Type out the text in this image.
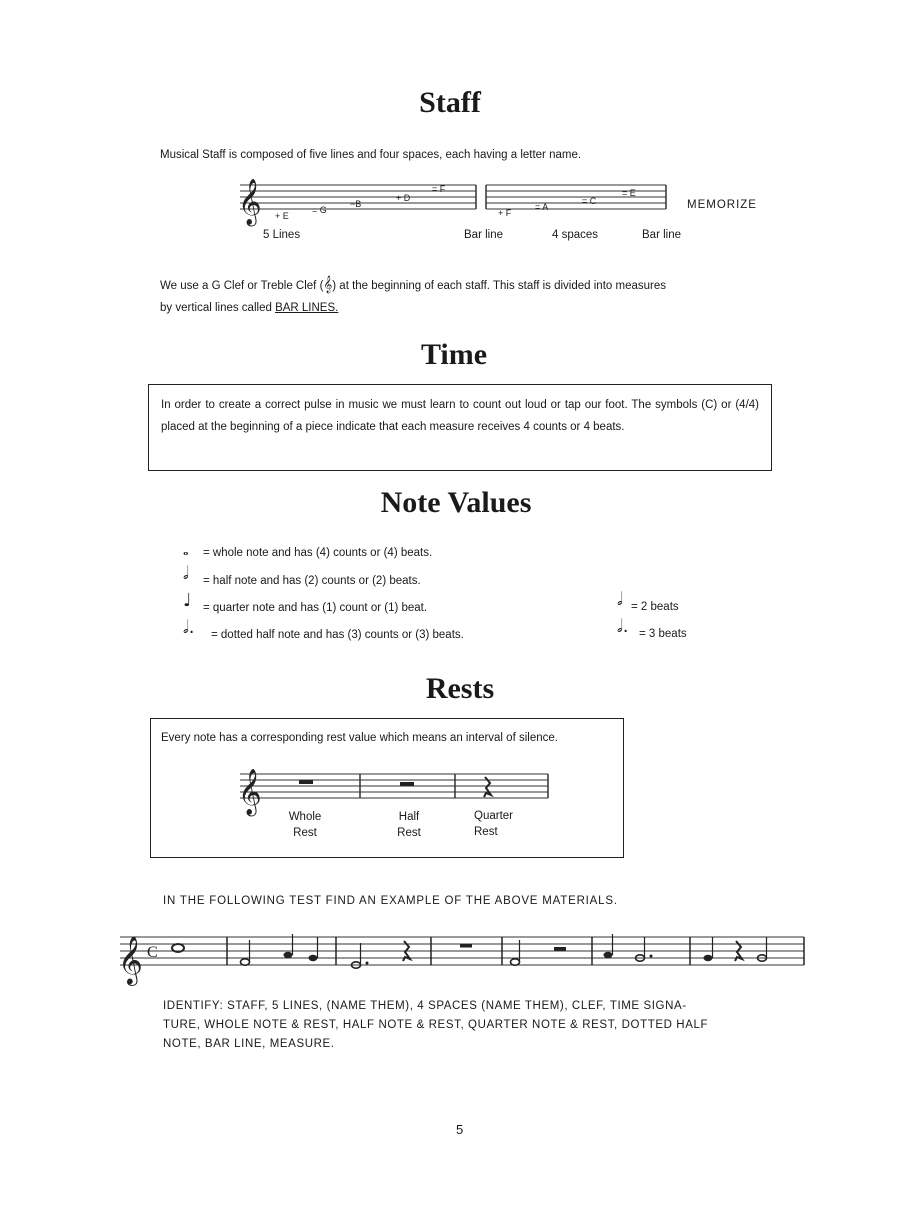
Staff

Musical Staff is composed of five lines and four spaces, each having a letter name.

𝄞 + E
= G
−B
+ D
= F
+ F
= A
= C
= E
MEMORIZE
5 Lines	Bar line	4 spaces	Bar line

We use a G Clef or Treble Clef (𝄞) at the beginning of each staff. This staff is divided into measures
by vertical lines called BAR LINES.

Time

In order to create a correct pulse in music we must learn to count out loud or tap our foot. The symbols (C) or (4/4) placed at the beginning of a piece indicate that each measure receives 4 counts or 4 beats.

Note Values
𝅝 = whole note and has (4) counts or (4) beats.
𝅗𝅥 = half note and has (2) counts or (2) beats.
♩ = quarter note and has (1) count or (1) beat.
𝅗𝅥. = dotted half note and has (3) counts or (3) beats.
𝅗𝅥 = 2 beats
𝅗𝅥. = 3 beats
Rests

Every note has a corresponding rest value which means an interval of silence.

𝄞
Whole
Rest
Half
Rest
Quarter
Rest
IN THE FOLLOWING TEST FIND AN EXAMPLE OF THE ABOVE MATERIALS.
𝄞 C
IDENTIFY: STAFF, 5 LINES, (NAME THEM), 4 SPACES (NAME THEM), CLEF, TIME SIGNA-
TURE, WHOLE NOTE & REST, HALF NOTE & REST, QUARTER NOTE & REST, DOTTED HALF
NOTE, BAR LINE, MEASURE.
5
